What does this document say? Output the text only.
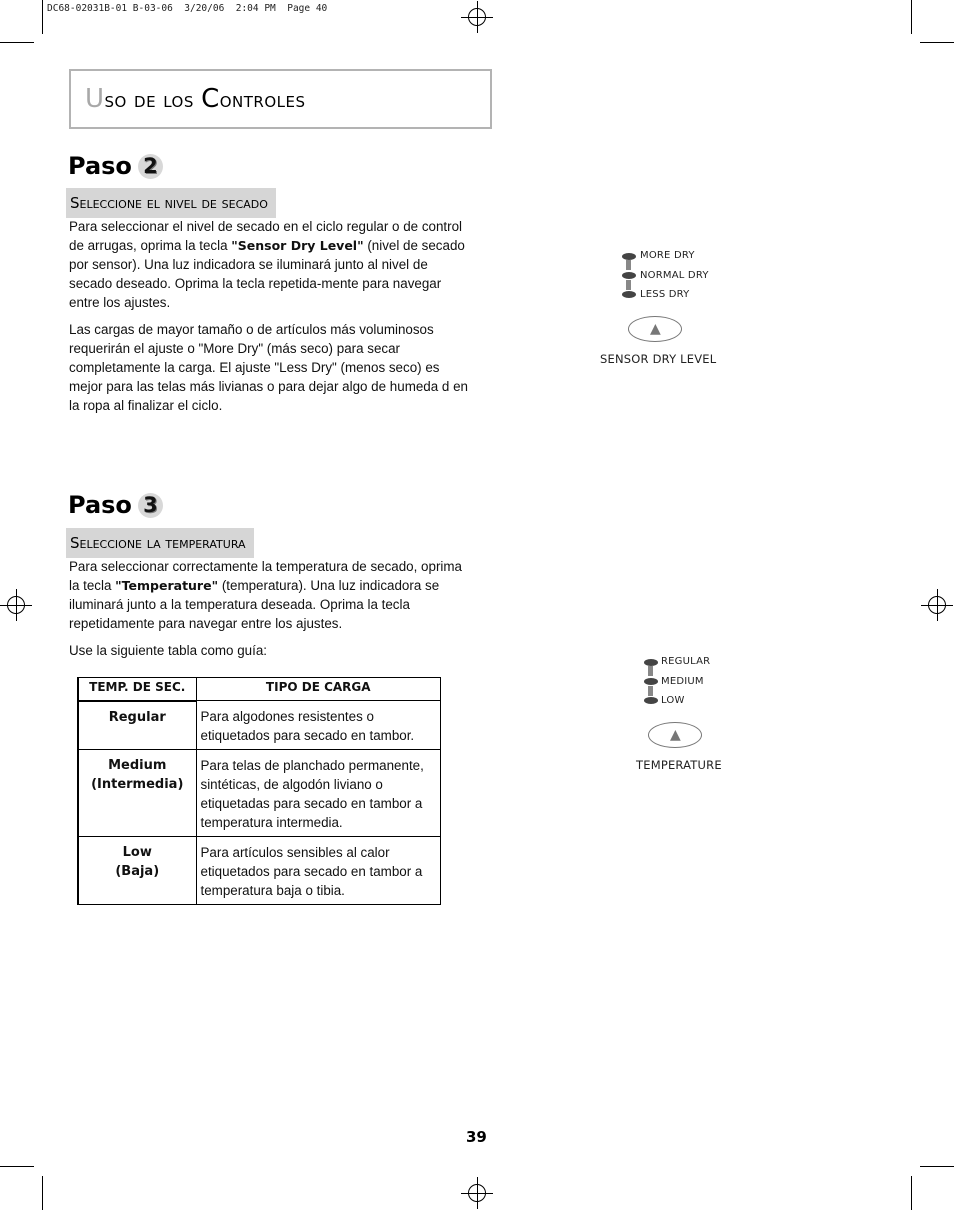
DC68-02031B-01 B-03-06  3/20/06  2:04 PM  Page 40
Uso de los Controles
Paso 2
Seleccione el nivel de secado
Para seleccionar el nivel de secado en el ciclo regular o de control de arrugas, oprima la tecla "Sensor Dry Level" (nivel de secado por sensor). Una luz indicadora se iluminará junto al nivel de secado deseado. Oprima la tecla repetida-mente para navegar entre los ajustes.
Las cargas de mayor tamaño o de artículos más voluminosos requerirán el ajuste o "More Dry" (más seco) para secar completamente la carga. El ajuste "Less Dry" (menos seco) es mejor para las telas más livianas o para dejar algo de humeda d en la ropa al finalizar el ciclo.
Paso 3
Seleccione la temperatura
Para seleccionar correctamente la temperatura de secado, oprima la tecla "Temperature" (temperatura). Una luz indicadora se iluminará junto a la temperatura deseada. Oprima la tecla repetidamente para navegar entre los ajustes.
Use la siguiente tabla como guía:
TEMP. DE SEC.	TIPO DE CARGA

Regular	Para algodones resistentes o etiquetados para secado en tambor.

Medium
(Intermedia)	Para telas de planchado permanente, sintéticas, de algodón liviano o etiquetadas para secado en tambor a temperatura intermedia.

Low
(Baja)	Para artículos sensibles al calor etiquetados para secado en tambor a temperatura baja o tibia.
MORE DRY
NORMAL DRY
LESS DRY
▲
SENSOR DRY LEVEL
REGULAR
MEDIUM
LOW
▲
TEMPERATURE
39
